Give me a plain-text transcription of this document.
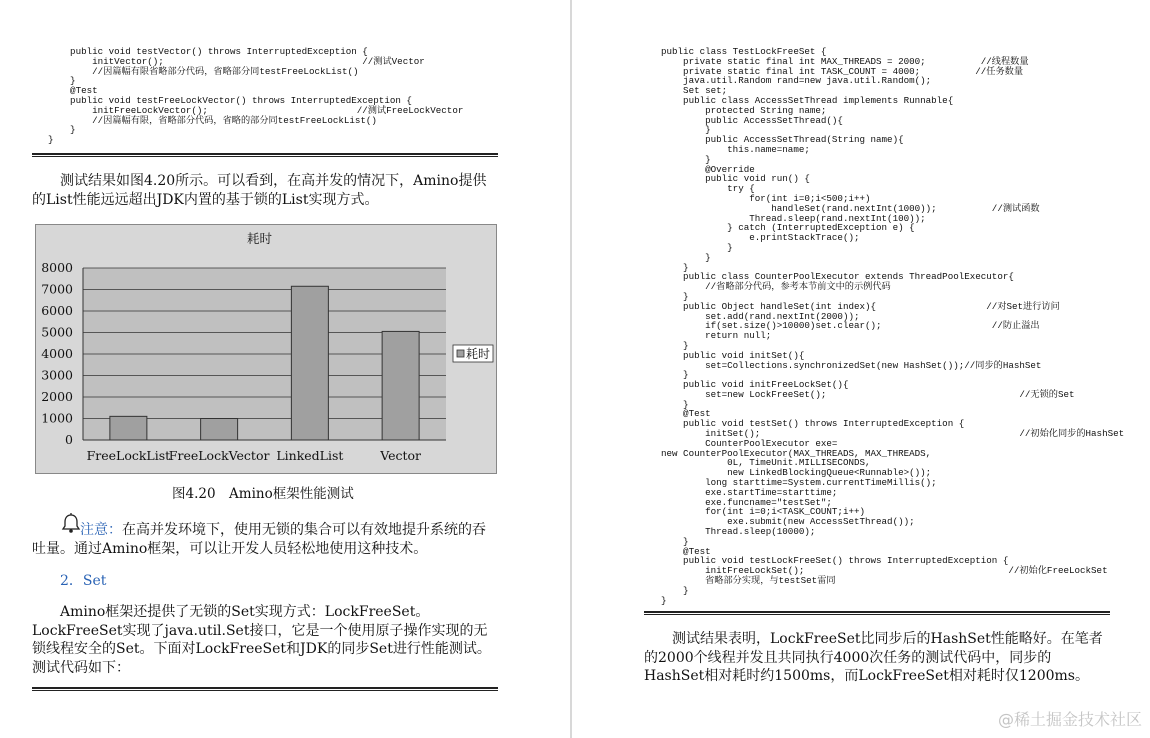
public void testVector() throws InterruptedException {
initVector();                                    //测试Vector
//因篇幅有限省略部分代码，省略部分同testFreeLockList()
}
@Test
public void testFreeLockVector() throws InterruptedException {
initFreeLockVector();                           //测试FreeLockVector
//因篇幅有限，省略部分代码，省略的部分同testFreeLockList()
}
}

测试结果如图4.20所示。可以看到，在高并发的情况下，Amino提供的List性能远远超出JDK内置的基于锁的List实现方式。

0
1000
2000
3000
4000
5000
6000
7000
8000
FreeLockList
FreeLockVector LinkedList	Vector
耗时
耗时
图4.20　Amino框架性能测试

注意：在高并发环境下，使用无锁的集合可以有效地提升系统的吞吐量。通过Amino框架，可以让开发人员轻松地使用这种技术。

2．Set

Amino框架还提供了无锁的Set实现方式：LockFreeSet。LockFreeSet实现了java.util.Set接口，它是一个使用原子操作实现的无锁线程安全的Set。下面对LockFreeSet和JDK的同步Set进行性能测试。测试代码如下：

public class TestLockFreeSet {
private static final int MAX_THREADS = 2000;          //线程数量
private static final int TASK_COUNT = 4000;          //任务数量
java.util.Random rand=new java.util.Random();
Set set;
public class AccessSetThread implements Runnable{
protected String name;
public AccessSetThread(){
}
public AccessSetThread(String name){
this.name=name;
}
@Override
public void run() {
try {
for(int i=0;i<500;i++)
handleSet(rand.nextInt(1000));          //测试函数
Thread.sleep(rand.nextInt(100));
} catch (InterruptedException e) {
e.printStackTrace();
}
}
}
public class CounterPoolExecutor extends ThreadPoolExecutor{
//省略部分代码，参考本节前文中的示例代码
}
public Object handleSet(int index){                    //对Set进行访问
set.add(rand.nextInt(2000));
if(set.size()>10000)set.clear();                    //防止溢出
return null;
}
public void initSet(){
set=Collections.synchronizedSet(new HashSet());//同步的HashSet
}
public void initFreeLockSet(){
set=new LockFreeSet();                                   //无锁的Set
}
@Test
public void testSet() throws InterruptedException {
initSet();                                               //初始化同步的HashSet
CounterPoolExecutor exe=
new CounterPoolExecutor(MAX_THREADS, MAX_THREADS,
0L, TimeUnit.MILLISECONDS,
new LinkedBlockingQueue<Runnable>());
long starttime=System.currentTimeMillis();
exe.startTime=starttime;
exe.funcname="testSet";
for(int i=0;i<TASK_COUNT;i++)
exe.submit(new AccessSetThread());
Thread.sleep(10000);
}
@Test
public void testLockFreeSet() throws InterruptedException {
initFreeLockSet();                                     //初始化FreeLockSet
省略部分实现，与testSet雷同
}
}

测试结果表明，LockFreeSet比同步后的HashSet性能略好。在笔者的2000个线程并发且共同执行4000次任务的测试代码中，同步的HashSet相对耗时约1500ms，而LockFreeSet相对耗时仅1200ms。

@稀土掘金技术社区
